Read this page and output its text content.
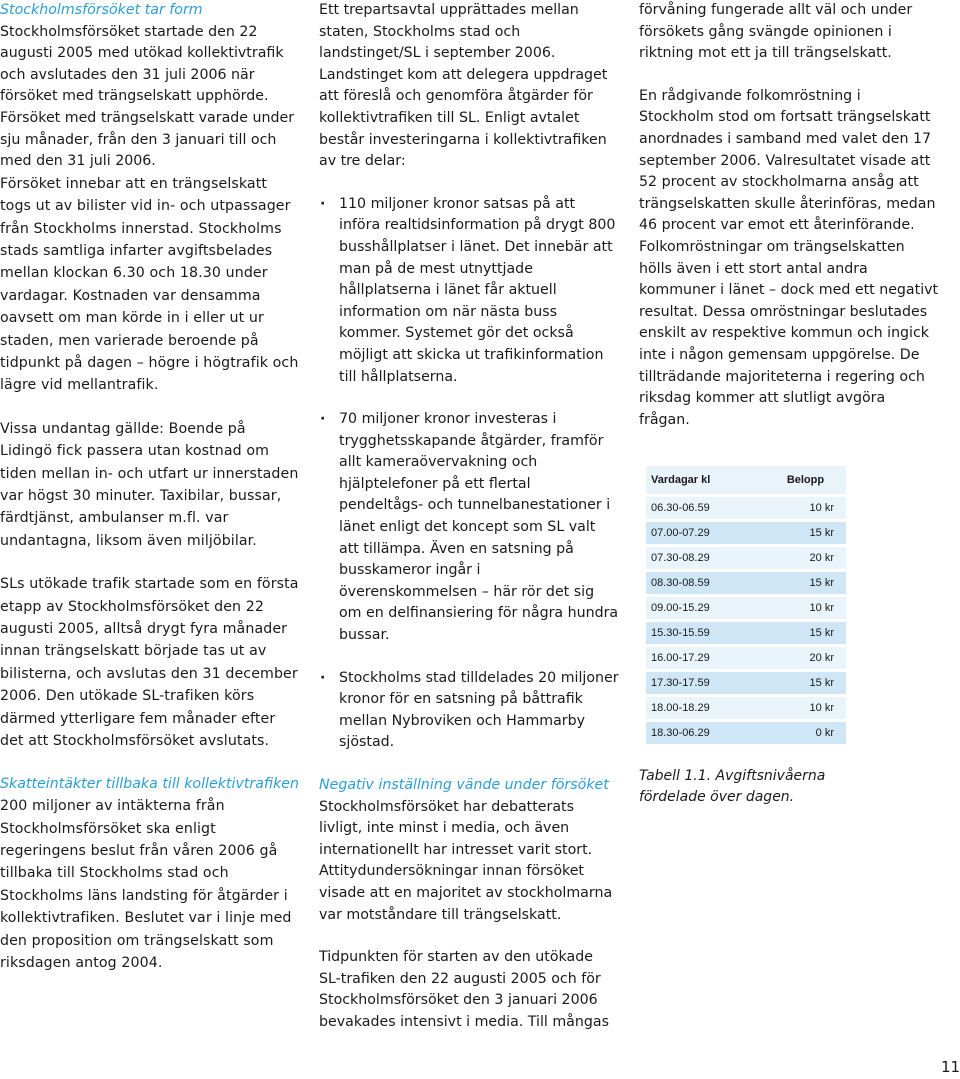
Stockholmsförsöket tar form

Stockholmsförsöket startade den 22 augusti 2005 med utökad kollektivtrafik och avslutades den 31 juli 2006 när försöket med trängselskatt upphörde. Försöket med trängselskatt varade under sju månader, från den 3 januari till och med den 31 juli 2006.

Försöket innebar att en trängselskatt togs ut av bilister vid in- och utpassager från Stockholms innerstad. Stockholms stads samtliga infarter avgiftsbelades mellan klockan 6.30 och 18.30 under vardagar. Kostnaden var densamma oavsett om man körde in i eller ut ur staden, men varierade beroende på tidpunkt på dagen – högre i högtrafik och lägre vid mellantrafik.

Vissa undantag gällde: Boende på Lidingö fick passera utan kostnad om tiden mellan in- och utfart ur innerstaden var högst 30 minuter. Taxibilar, bussar, färdtjänst, ambulanser m.fl. var undantagna, liksom även miljöbilar.

SLs utökade trafik startade som en första etapp av Stockholmsförsöket den 22 augusti 2005, alltså drygt fyra månader innan trängselskatt började tas ut av bilisterna, och avslutas den 31 december 2006. Den utökade SL-trafiken körs därmed ytterligare fem månader efter det att Stockholmsförsöket avslutats.

Skatteintäkter tillbaka till kollektivtrafiken

200 miljoner av intäkterna från Stockholmsförsöket ska enligt regeringens beslut från våren 2006 gå tillbaka till Stockholms stad och Stockholms läns landsting för åtgärder i kollektivtrafiken. Beslutet var i linje med den proposition om trängselskatt som riksdagen antog 2004.

Ett trepartsavtal upprättades mellan staten, Stockholms stad och landstinget/SL i september 2006. Landstinget kom att delegera uppdraget att föreslå och genomföra åtgärder för kollektivtrafiken till SL. Enligt avtalet består investeringarna i kollektivtrafiken av tre delar:

· 110 miljoner kronor satsas på att införa realtidsinformation på drygt 800 busshållplatser i länet. Det innebär att man på de mest utnyttjade hållplatserna i länet får aktuell information om när nästa buss kommer. Systemet gör det också möjligt att skicka ut trafikinformation till hållplatserna.
· 70 miljoner kronor investeras i trygghetsskapande åtgärder, framför allt kameraövervakning och hjälptelefoner på ett flertal pendeltågs- och tunnelbanestationer i länet enligt det koncept som SL valt att tillämpa. Även en satsning på busskameror ingår i överenskommelsen – här rör det sig om en delfinansiering för några hundra bussar.
· Stockholms stad tilldelades 20 miljoner kronor för en satsning på båttrafik mellan Nybroviken och Hammarby sjöstad.

Negativ inställning vände under försöket

Stockholmsförsöket har debatterats livligt, inte minst i media, och även internationellt har intresset varit stort. Attitydundersökningar innan försöket visade att en majoritet av stockholmarna var motståndare till trängselskatt.

Tidpunkten för starten av den utökade SL-trafiken den 22 augusti 2005 och för Stockholmsförsöket den 3 januari 2006 bevakades intensivt i media. Till mångas

förvåning fungerade allt väl och under försökets gång svängde opinionen i riktning mot ett ja till trängselskatt.

En rådgivande folkomröstning i Stockholm stod om fortsatt trängselskatt anordnades i samband med valet den 17 september 2006. Valresultatet visade att 52 procent av stockholmarna ansåg att trängselskatten skulle återinföras, medan 46 procent var emot ett återinförande. Folkomröstningar om trängselskatten hölls även i ett stort antal andra kommuner i länet – dock med ett negativt resultat. Dessa omröstningar beslutades enskilt av respektive kommun och ingick inte i någon gemensam uppgörelse. De tillträdande majoriteterna i regering och riksdag kommer att slutligt avgöra frågan.

Vardagar kl	Belopp
06.30-06.59	10 kr
07.00-07.29	15 kr
07.30-08.29	20 kr
08.30-08.59	15 kr
09.00-15.29	10 kr
15.30-15.59	15 kr
16.00-17.29	20 kr
17.30-17.59	15 kr
18.00-18.29	10 kr
18.30-06.29	0 kr

Tabell 1.1. Avgiftsnivåerna fördelade över dagen.

11
